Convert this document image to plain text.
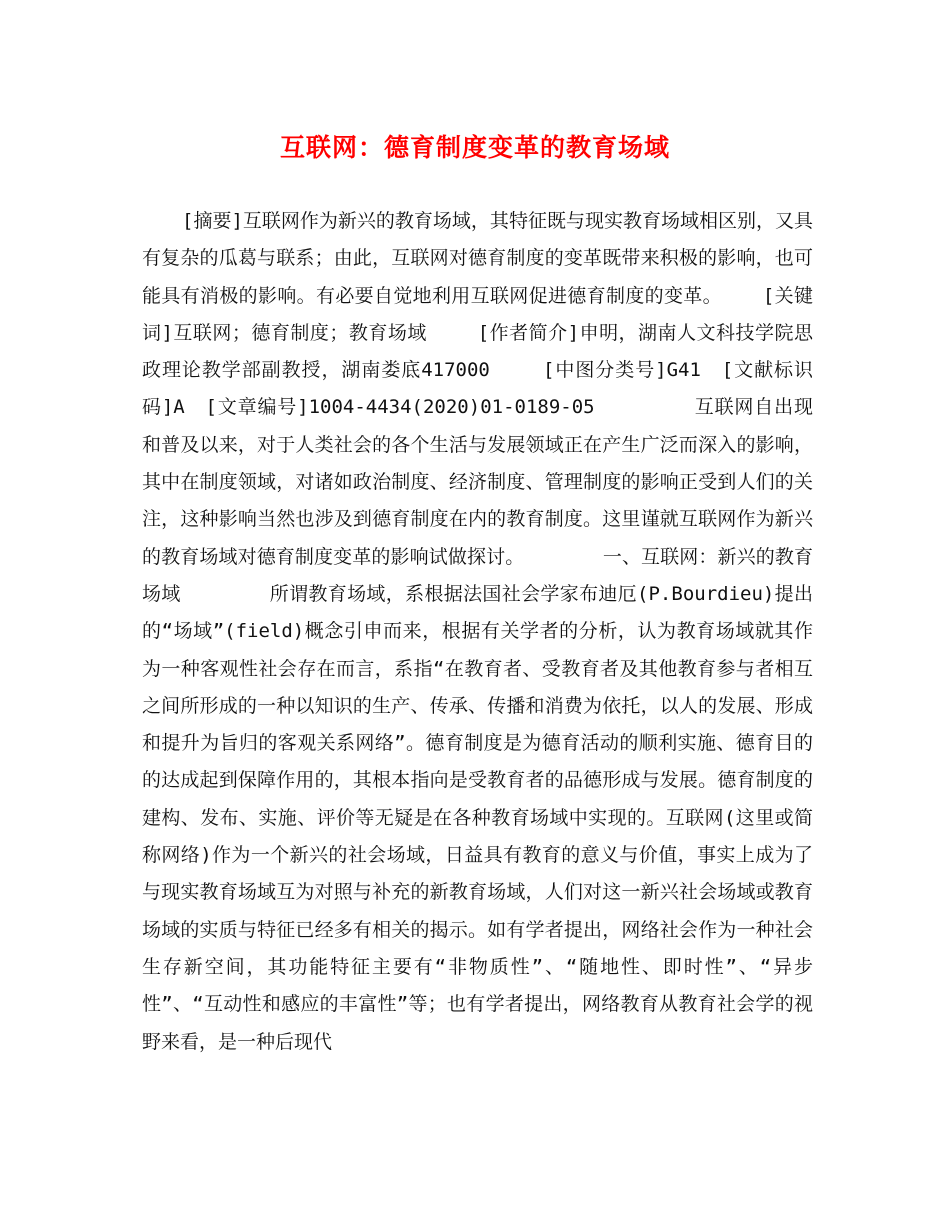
互联网：德育制度变革的教育场域

[摘要]互联网作为新兴的教育场域，其特征既与现实教育场域相区别，又具有复杂的瓜葛与联系；由此，互联网对德育制度的变革既带来积极的影响，也可能具有消极的影响。有必要自觉地利用互联网促进德育制度的变革。　　 [关键词]互联网；德育制度；教育场域　　 [作者简介]申明，湖南人文科技学院思政理论教学部副教授，湖南娄底417000　　 [中图分类号]G41　[文献标识码]A　[文章编号]1004-4434(2020)01-0189-05　　　　　互联网自出现和普及以来，对于人类社会的各个生活与发展领域正在产生广泛而深入的影响，其中在制度领域，对诸如政治制度、经济制度、管理制度的影响正受到人们的关注，这种影响当然也涉及到德育制度在内的教育制度。这里谨就互联网作为新兴的教育场域对德育制度变革的影响试做探讨。　　　　 一、互联网：新兴的教育场域　　　　 所谓教育场域，系根据法国社会学家布迪厄(P.Bourdieu)提出的“场域”(field)概念引申而来，根据有关学者的分析，认为教育场域就其作为一种客观性社会存在而言，系指“在教育者、受教育者及其他教育参与者相互之间所形成的一种以知识的生产、传承、传播和消费为依托，以人的发展、形成和提升为旨归的客观关系网络”。德育制度是为德育活动的顺利实施、德育目的的达成起到保障作用的，其根本指向是受教育者的品德形成与发展。德育制度的建构、发布、实施、评价等无疑是在各种教育场域中实现的。互联网(这里或简称网络)作为一个新兴的社会场域，日益具有教育的意义与价值，事实上成为了与现实教育场域互为对照与补充的新教育场域，人们对这一新兴社会场域或教育场域的实质与特征已经多有相关的揭示。如有学者提出，网络社会作为一种社会生存新空间，其功能特征主要有“非物质性”、“随地性、即时性”、“异步性”、“互动性和感应的丰富性”等；也有学者提出，网络教育从教育社会学的视野来看，是一种后现代
